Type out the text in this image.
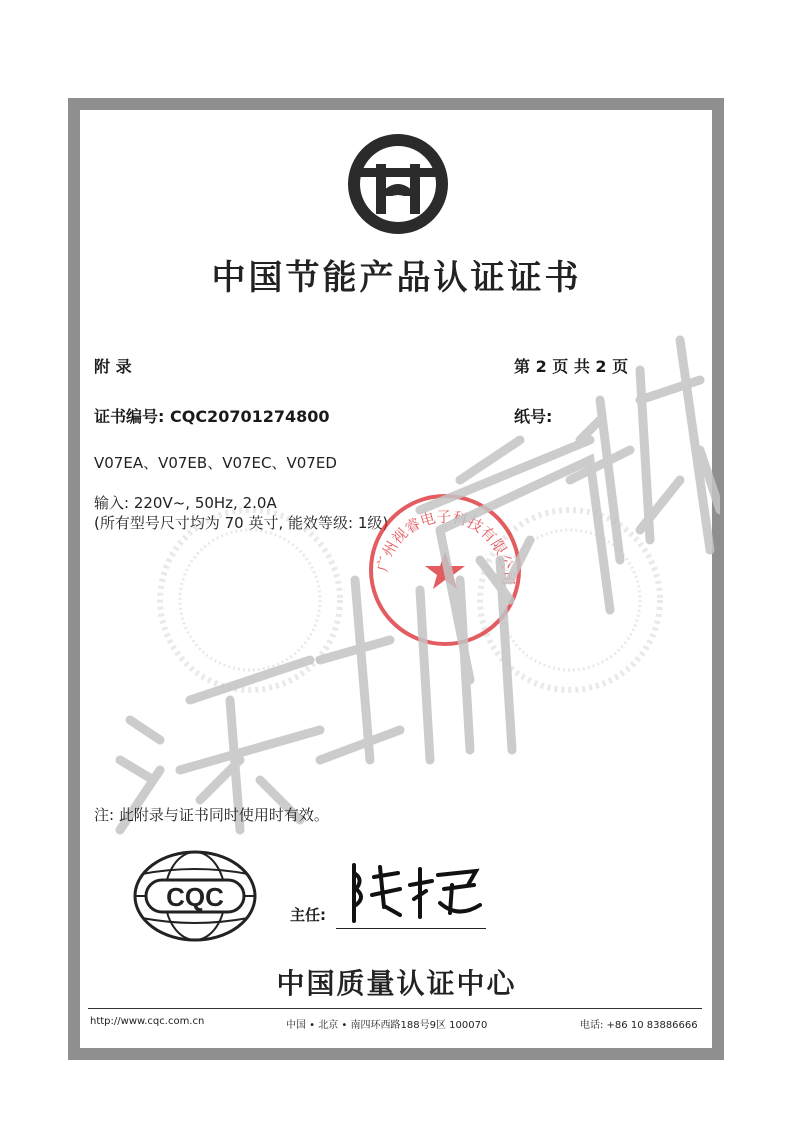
中国节能产品认证证书
附 录	第 2 页 共 2 页
证书编号: CQC20701274800	纸号:
V07EA、V07EB、V07EC、V07ED
输入: 220V~, 50Hz, 2.0A
(所有型号尺寸均为 70 英寸, 能效等级: 1级)
广州视睿电子科技有限公司
注: 此附录与证书同时使用时有效。
CQC
主任:
中国质量认证中心
http://www.cqc.com.cn	中国 • 北京 • 南四环西路188号9区 100070	电话: +86 10 83886666
